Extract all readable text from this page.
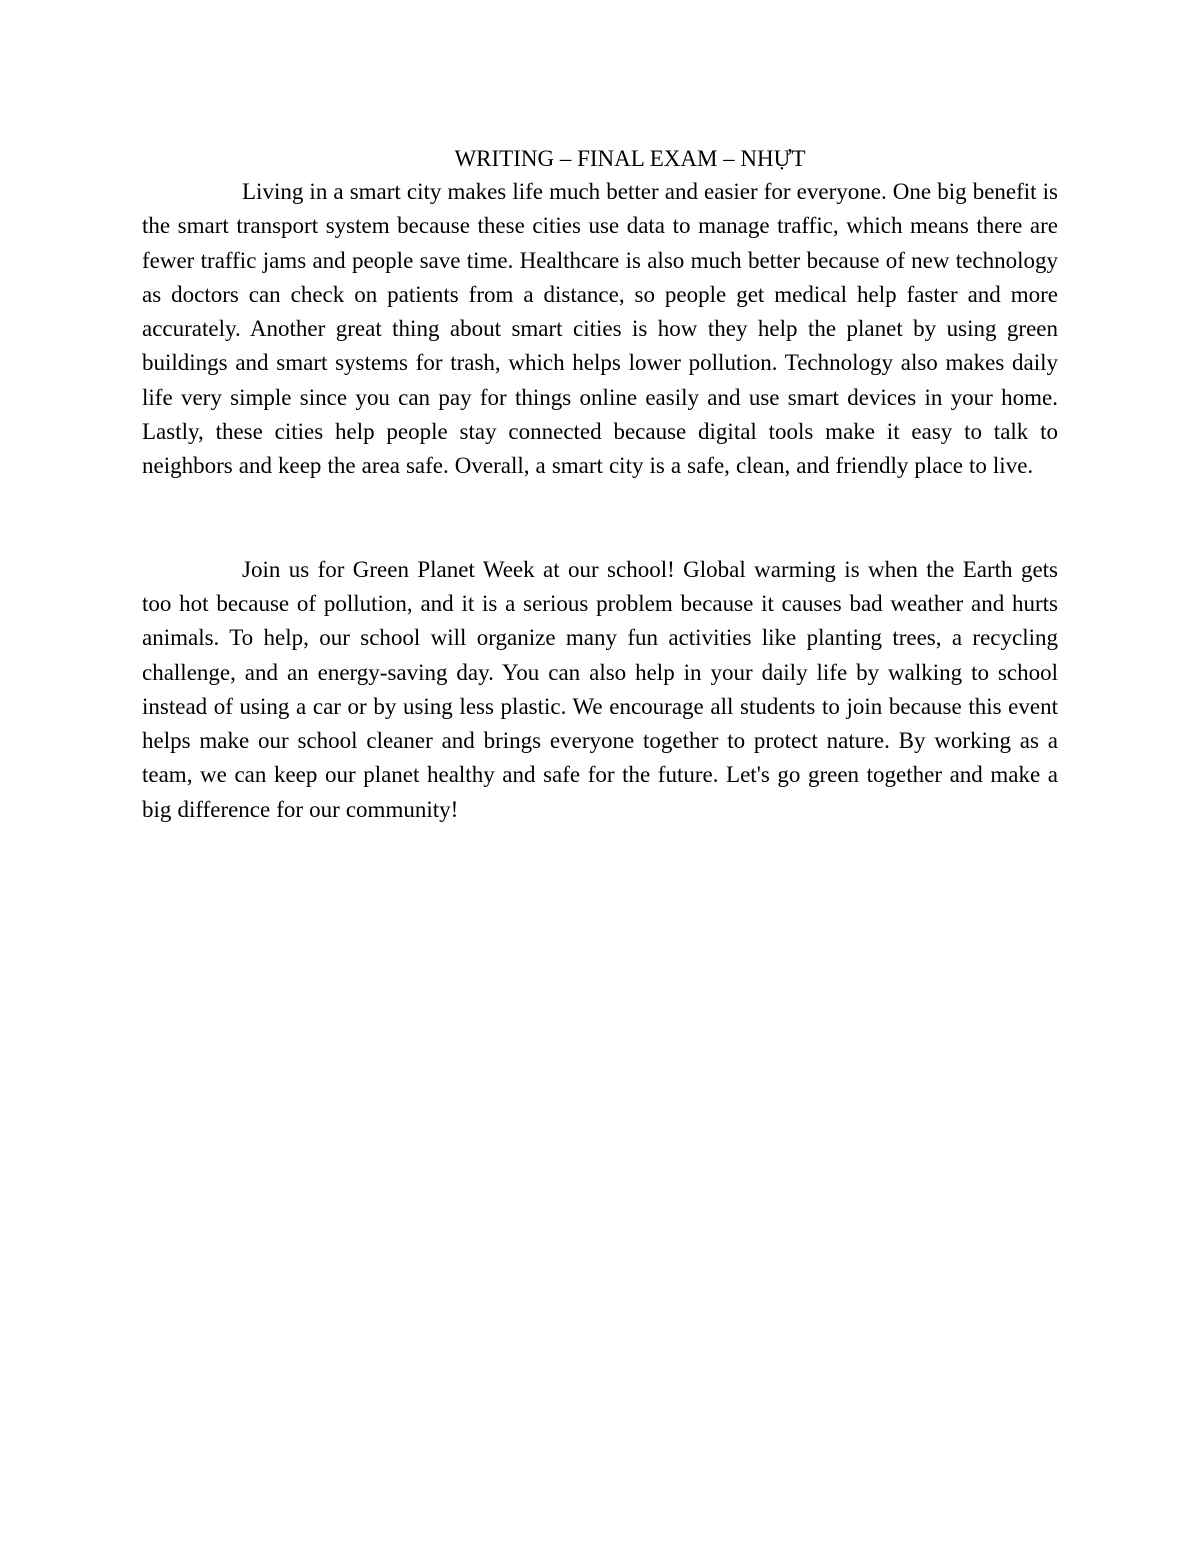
WRITING – FINAL EXAM – NHỰT

Living in a smart city makes life much better and easier for everyone. One big benefit is the smart transport system because these cities use data to manage traffic, which means there are fewer traffic jams and people save time. Healthcare is also much better because of new technology as doctors can check on patients from a distance, so people get medical help faster and more accurately. Another great thing about smart cities is how they help the planet by using green buildings and smart systems for trash, which helps lower pollution. Technology also makes daily life very simple since you can pay for things online easily and use smart devices in your home. Lastly, these cities help people stay connected because digital tools make it easy to talk to neighbors and keep the area safe. Overall, a smart city is a safe, clean, and friendly place to live.

Join us for Green Planet Week at our school! Global warming is when the Earth gets too hot because of pollution, and it is a serious problem because it causes bad weather and hurts animals. To help, our school will organize many fun activities like planting trees, a recycling challenge, and an energy-saving day. You can also help in your daily life by walking to school instead of using a car or by using less plastic. We encourage all students to join because this event helps make our school cleaner and brings everyone together to protect nature. By working as a team, we can keep our planet healthy and safe for the future. Let's go green together and make a big difference for our community!
